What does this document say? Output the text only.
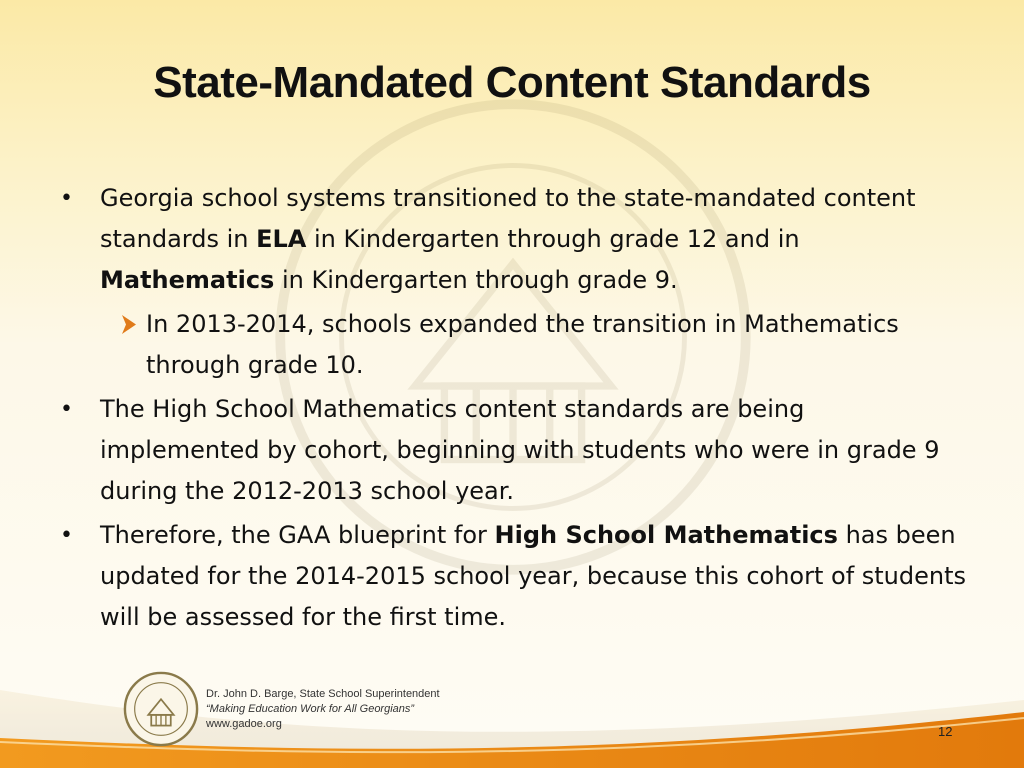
State-Mandated Content Standards
• Georgia school systems transitioned to the state-mandated content standards in ELA in Kindergarten through grade 12 and in Mathematics in Kindergarten through grade 9.
In 2013-2014, schools expanded the transition in Mathematics through grade 10.
• The High School Mathematics content standards are being implemented by cohort, beginning with students who were in grade 9 during the 2012-2013 school year.
• Therefore, the GAA blueprint for High School Mathematics has been updated for the 2014-2015 school year, because this cohort of students will be assessed for the first time.
Dr. John D. Barge, State School Superintendent
“Making Education Work for All Georgians”
www.gadoe.org	12
